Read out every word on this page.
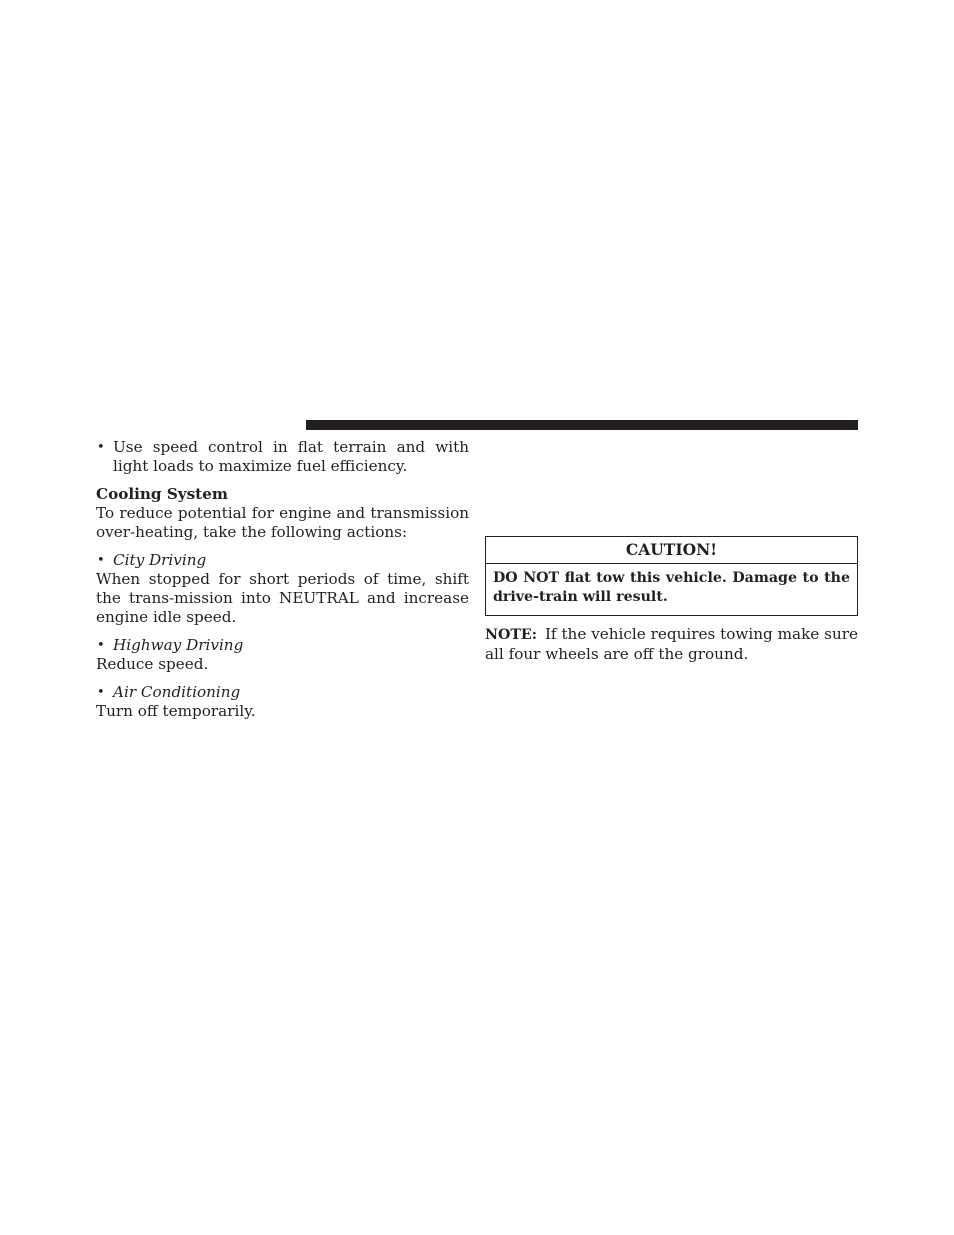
• Use speed control in flat terrain and with light loads to maximize fuel efficiency.
Cooling System
To reduce potential for engine and transmission over-heating, take the following actions:
• City Driving
When stopped for short periods of time, shift the trans-mission into NEUTRAL and increase engine idle speed.
• Highway Driving
Reduce speed.
• Air Conditioning
Turn off temporarily.
CAUTION!
DO NOT flat tow this vehicle. Damage to the drive-train will result.
NOTE: If the vehicle requires towing make sure all four wheels are off the ground.
